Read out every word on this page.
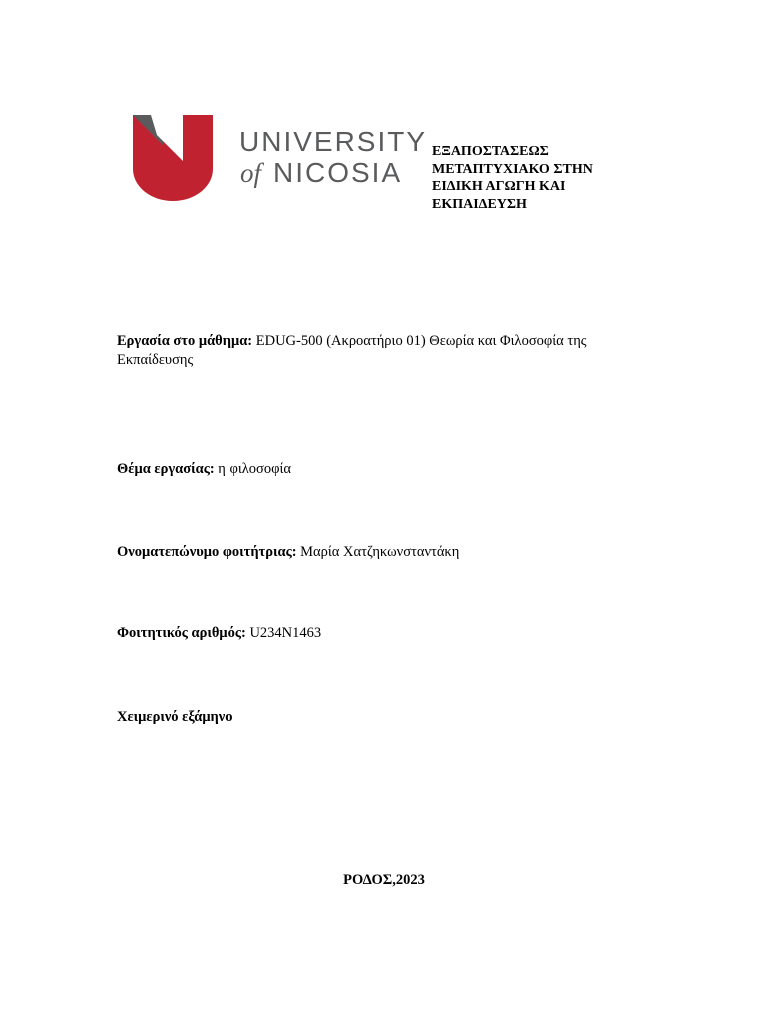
UNIVERSITY
of NICOSIA
ΕΞΑΠΟΣΤΑΣΕΩΣ
ΜΕΤΑΠΤΥΧΙΑΚΟ ΣΤΗΝ
ΕΙΔΙΚΗ ΑΓΩΓΗ ΚΑΙ
ΕΚΠΑΙΔΕΥΣΗ
Εργασία στο μάθημα: EDUG-500 (Ακροατήριο 01) Θεωρία και Φιλοσοφία της Εκπαίδευσης
Θέμα εργασίας: η φιλοσοφία
Ονοματεπώνυμο φοιτήτριας: Μαρία Χατζηκωνσταντάκη
Φοιτητικός αριθμός: U234N1463
Χειμερινό εξάμηνο
ΡΟΔΟΣ,2023
